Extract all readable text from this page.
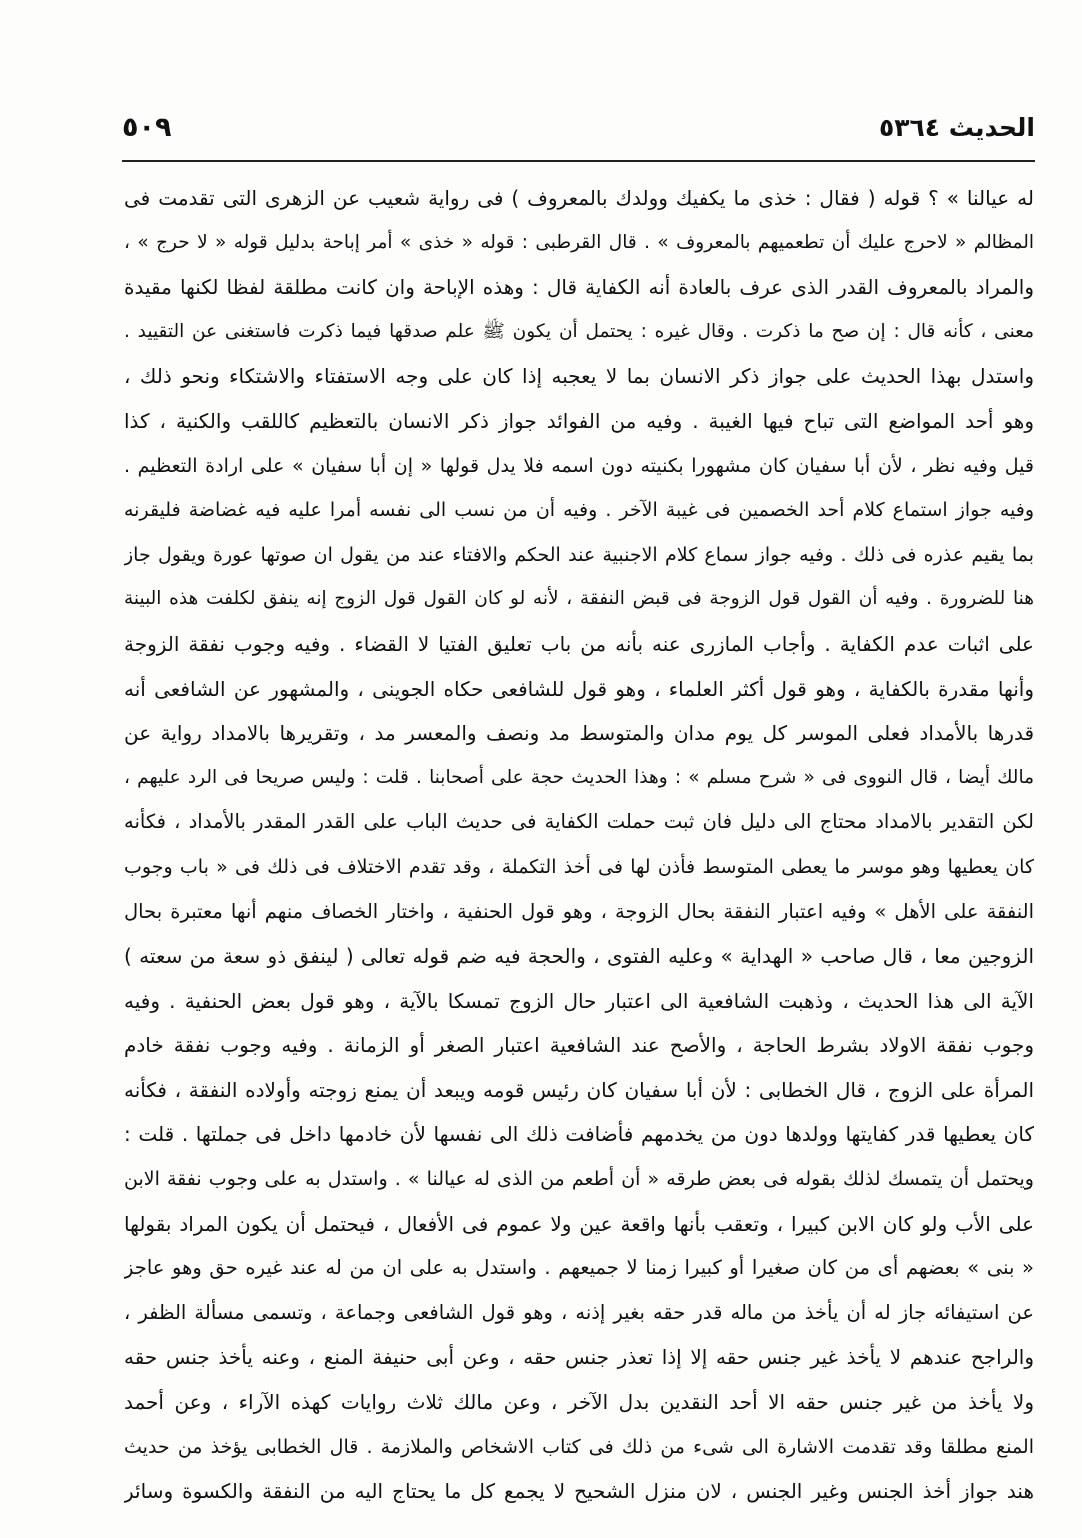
الحديث ٥٣٦٤
٥٠٩
له عيالنا » ؟ قوله ( فقال : خذى ما يكفيك وولدك بالمعروف ) فى رواية شعيب عن الزهرى التى تقدمت فى
المظالم « لاحرج عليك أن تطعميهم بالمعروف » . قال القرطبى : قوله « خذى » أمر إباحة بدليل قوله « لا حرج » ،
والمراد بالمعروف القدر الذى عرف بالعادة أنه الكفاية قال : وهذه الإباحة وان كانت مطلقة لفظا لكنها مقيدة
معنى ، كأنه قال : إن صح ما ذكرت . وقال غيره : يحتمل أن يكون ﷺ علم صدقها فيما ذكرت فاستغنى عن التقييد .
واستدل بهذا الحديث على جواز ذكر الانسان بما لا يعجبه إذا كان على وجه الاستفتاء والاشتكاء ونحو ذلك ،
وهو أحد المواضع التى تباح فيها الغيبة . وفيه من الفوائد جواز ذكر الانسان بالتعظيم كاللقب والكنية ، كذا
قيل وفيه نظر ، لأن أبا سفيان كان مشهورا بكنيته دون اسمه فلا يدل قولها « إن أبا سفيان » على ارادة التعظيم .
وفيه جواز استماع كلام أحد الخصمين فى غيبة الآخر . وفيه أن من نسب الى نفسه أمرا عليه فيه غضاضة فليقرنه
بما يقيم عذره فى ذلك . وفيه جواز سماع كلام الاجنبية عند الحكم والافتاء عند من يقول ان صوتها عورة ويقول جاز
هنا للضرورة . وفيه أن القول قول الزوجة فى قبض النفقة ، لأنه لو كان القول قول الزوج إنه ينفق لكلفت هذه البينة
على اثبات عدم الكفاية . وأجاب المازرى عنه بأنه من باب تعليق الفتيا لا القضاء . وفيه وجوب نفقة الزوجة
وأنها مقدرة بالكفاية ، وهو قول أكثر العلماء ، وهو قول للشافعى حكاه الجوينى ، والمشهور عن الشافعى أنه
قدرها بالأمداد فعلى الموسر كل يوم مدان والمتوسط مد ونصف والمعسر مد ، وتقريرها بالامداد رواية عن
مالك أيضا ، قال النووى فى « شرح مسلم » : وهذا الحديث حجة على أصحابنا . قلت : وليس صريحا فى الرد عليهم ،
لكن التقدير بالامداد محتاج الى دليل فان ثبت حملت الكفاية فى حديث الباب على القدر المقدر بالأمداد ، فكأنه
كان يعطيها وهو موسر ما يعطى المتوسط فأذن لها فى أخذ التكملة ، وقد تقدم الاختلاف فى ذلك فى « باب وجوب
النفقة على الأهل » وفيه اعتبار النفقة بحال الزوجة ، وهو قول الحنفية ، واختار الخصاف منهم أنها معتبرة بحال
الزوجين معا ، قال صاحب « الهداية » وعليه الفتوى ، والحجة فيه ضم قوله تعالى ( لينفق ذو سعة من سعته )
الآية الى هذا الحديث ، وذهبت الشافعية الى اعتبار حال الزوج تمسكا بالآية ، وهو قول بعض الحنفية . وفيه
وجوب نفقة الاولاد بشرط الحاجة ، والأصح عند الشافعية اعتبار الصغر أو الزمانة . وفيه وجوب نفقة خادم
المرأة على الزوج ، قال الخطابى : لأن أبا سفيان كان رئيس قومه ويبعد أن يمنع زوجته وأولاده النفقة ، فكأنه
كان يعطيها قدر كفايتها وولدها دون من يخدمهم فأضافت ذلك الى نفسها لأن خادمها داخل فى جملتها . قلت :
ويحتمل أن يتمسك لذلك بقوله فى بعض طرقه « أن أطعم من الذى له عيالنا » . واستدل به على وجوب نفقة الابن
على الأب ولو كان الابن كبيرا ، وتعقب بأنها واقعة عين ولا عموم فى الأفعال ، فيحتمل أن يكون المراد بقولها
« بنى » بعضهم أى من كان صغيرا أو كبيرا زمنا لا جميعهم . واستدل به على ان من له عند غيره حق وهو عاجز
عن استيفائه جاز له أن يأخذ من ماله قدر حقه بغير إذنه ، وهو قول الشافعى وجماعة ، وتسمى مسألة الظفر ،
والراجح عندهم لا يأخذ غير جنس حقه إلا إذا تعذر جنس حقه ، وعن أبى حنيفة المنع ، وعنه يأخذ جنس حقه
ولا يأخذ من غير جنس حقه الا أحد النقدين بدل الآخر ، وعن مالك ثلاث روايات كهذه الآراء ، وعن أحمد
المنع مطلقا وقد تقدمت الاشارة الى شىء من ذلك فى كتاب الاشخاص والملازمة . قال الخطابى يؤخذ من حديث
هند جواز أخذ الجنس وغير الجنس ، لان منزل الشحيح لا يجمع كل ما يحتاج اليه من النفقة والكسوة وسائر
